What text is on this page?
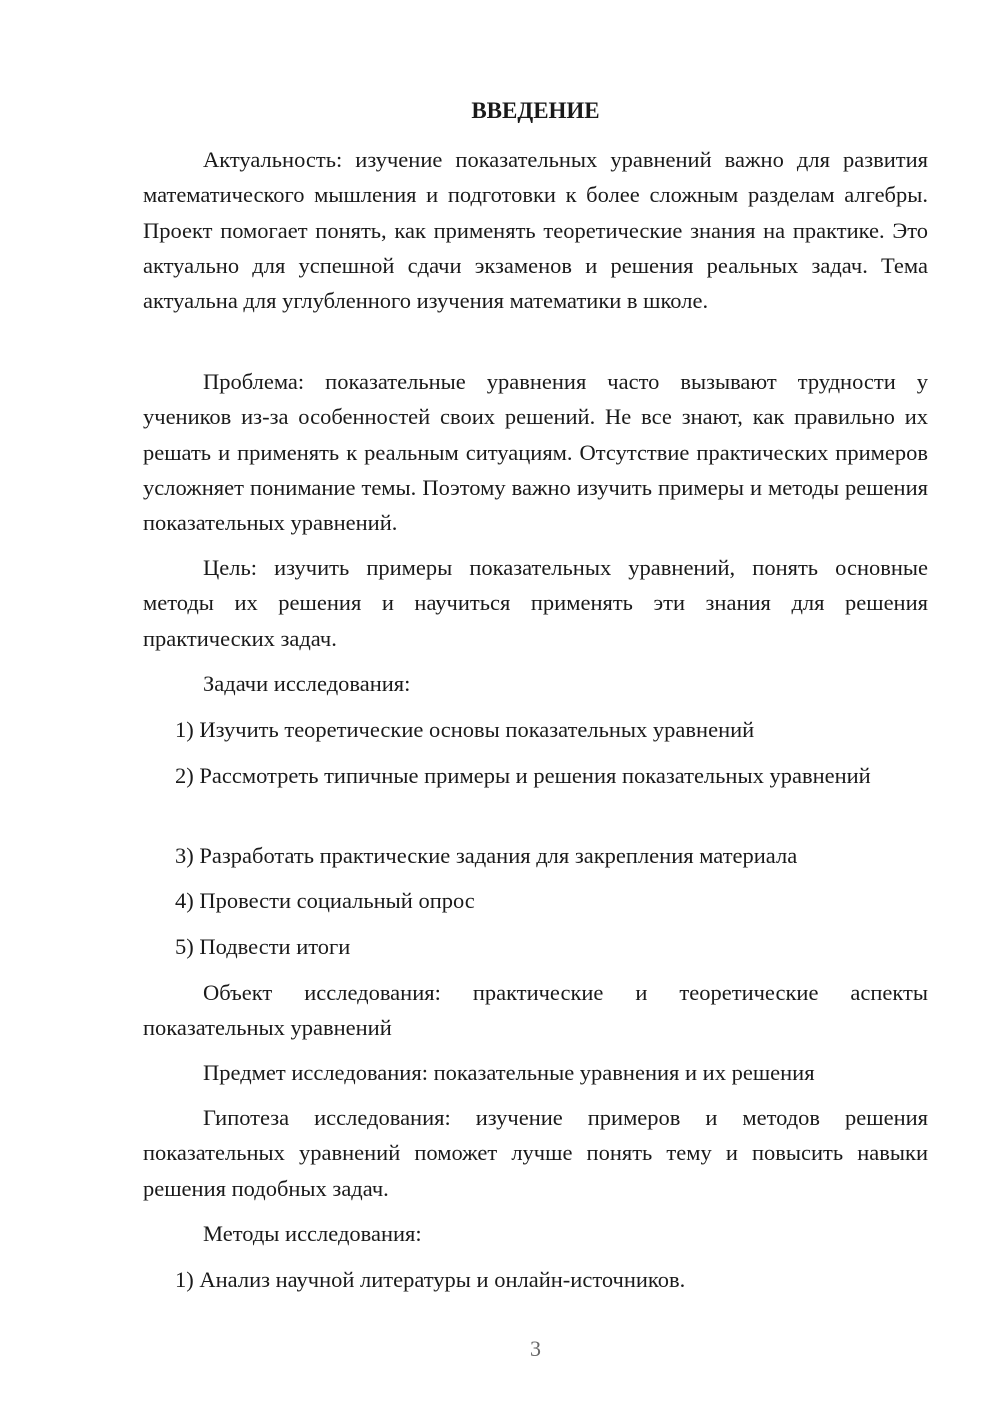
ВВЕДЕНИЕ

Актуальность: изучение показательных уравнений важно для развития математического мышления и подготовки к более сложным разделам алгебры. Проект помогает понять, как применять теоретические знания на практике. Это актуально для успешной сдачи экзаменов и решения реальных задач. Тема актуальна для углубленного изучения математики в школе.

Проблема: показательные уравнения часто вызывают трудности у учеников из-за особенностей своих решений. Не все знают, как правильно их решать и применять к реальным ситуациям. Отсутствие практических примеров усложняет понимание темы. Поэтому важно изучить примеры и методы решения показательных уравнений.

Цель: изучить примеры показательных уравнений, понять основные методы их решения и научиться применять эти знания для решения практических задач.

Задачи исследования:

1) Изучить теоретические основы показательных уравнений

2) Рассмотреть типичные примеры и решения показательных уравнений

3) Разработать практические задания для закрепления материала

4) Провести социальный опрос

5) Подвести итоги

Объект исследования: практические и теоретические аспекты показательных уравнений

Предмет исследования: показательные уравнения и их решения

Гипотеза исследования: изучение примеров и методов решения показательных уравнений поможет лучше понять тему и повысить навыки решения подобных задач.

Методы исследования:

1) Анализ научной литературы и онлайн-источников.

3
